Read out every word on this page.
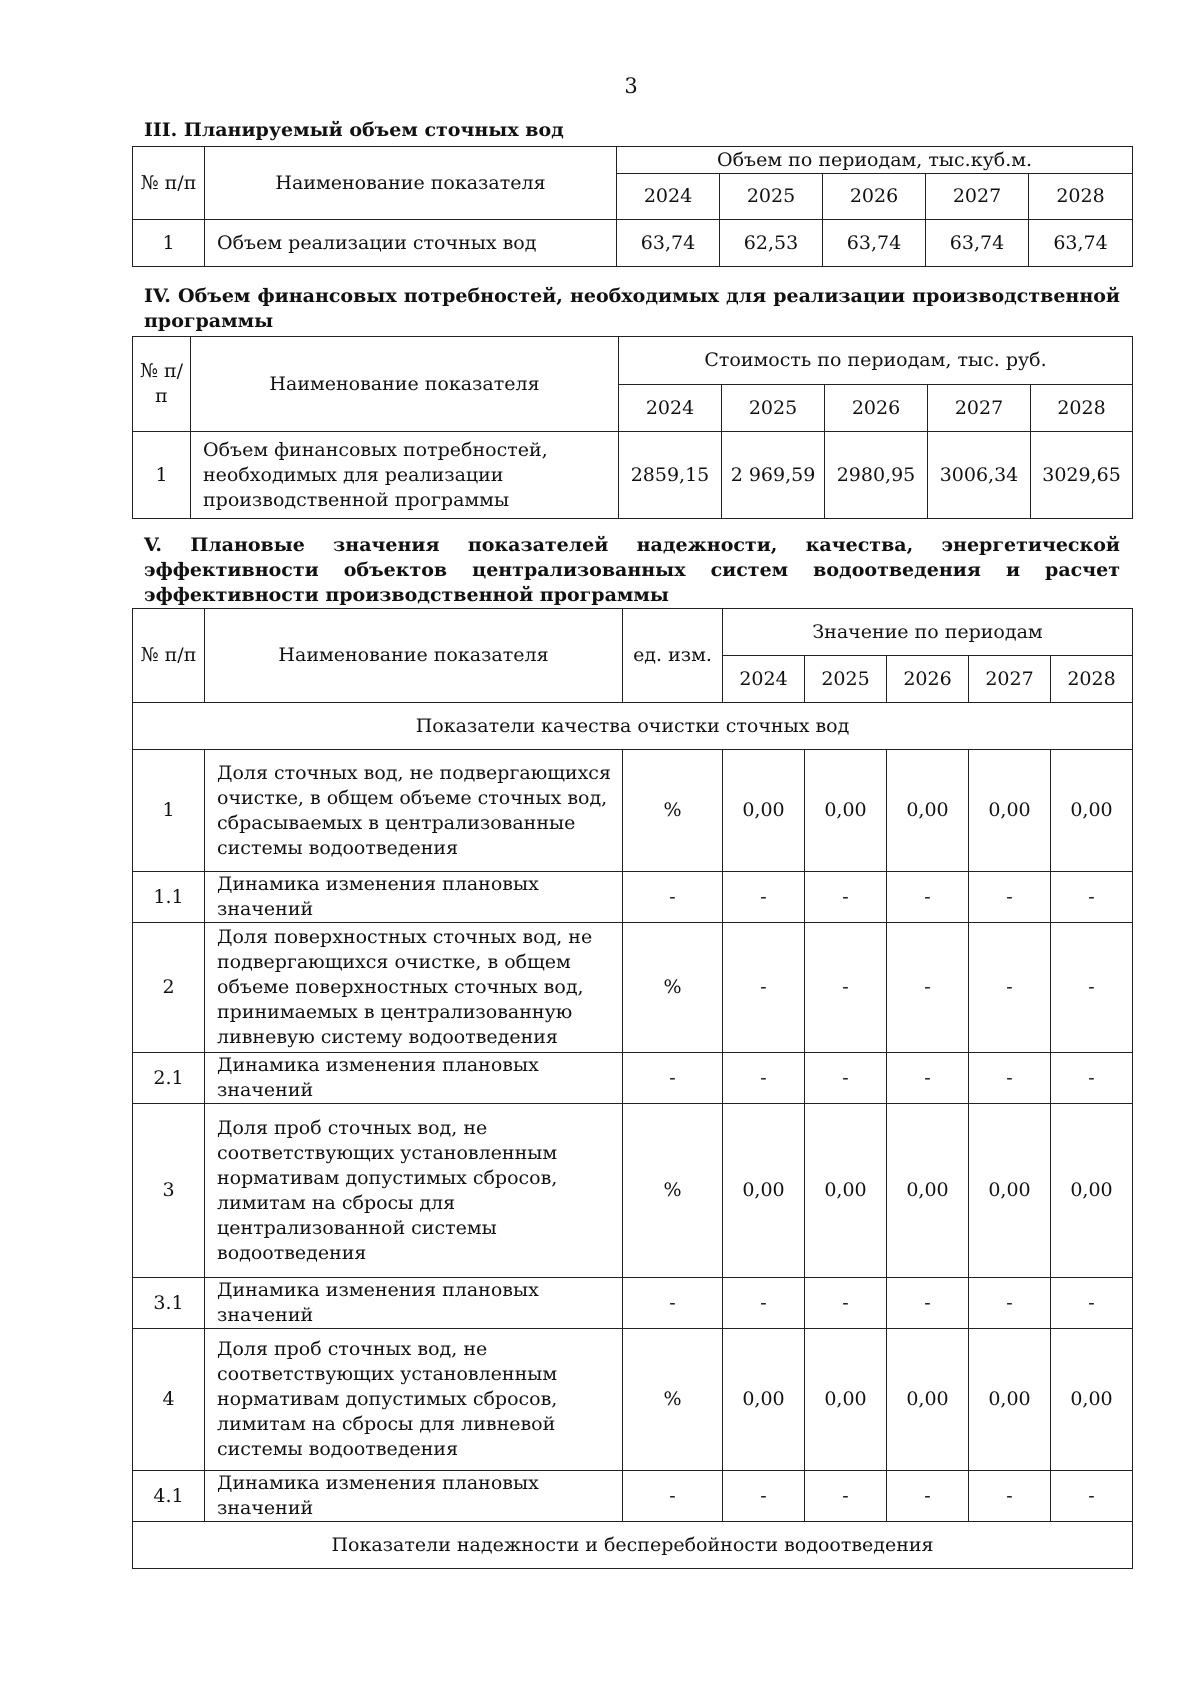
3
III. Планируемый объем сточных вод
№ п/п	Наименование показателя	Объем по периодам, тыс.куб.м.				
		2024	2025	2026	2027	2028
1	Объем реализации сточных вод	63,74	62,53	63,74	63,74	63,74
IV. Объем финансовых потребностей, необходимых для реализации производственной программы
№ п/п	Наименование показателя	Стоимость по периодам, тыс. руб.				
		2024	2025	2026	2027	2028
1	Объем финансовых потребностей, необходимых для реализации производственной программы	2859,15	2 969,59	2980,95	3006,34	3029,65
V. Плановые значения показателей надежности, качества, энергетической эффективности объектов централизованных систем водоотведения и расчет эффективности производственной программы
№ п/п	Наименование показателя	ед. изм.	Значение по периодам				
			2024	2025	2026	2027	2028
Показатели качества очистки сточных вод							
1	Доля сточных вод, не подвергающихся очистке, в общем объеме сточных вод, сбрасываемых в централизованные системы водоотведения	%	0,00	0,00	0,00	0,00	0,00
1.1	Динамика изменения плановых значений	-	-	-	-	-	-
2	Доля поверхностных сточных вод, не подвергающихся очистке, в общем объеме поверхностных сточных вод, принимаемых в централизованную ливневую систему водоотведения	%	-	-	-	-	-
2.1	Динамика изменения плановых значений	-	-	-	-	-	-
3	Доля проб сточных вод, не соответствующих установленным нормативам допустимых сбросов, лимитам на сбросы для централизованной системы водоотведения	%	0,00	0,00	0,00	0,00	0,00
3.1	Динамика изменения плановых значений	-	-	-	-	-	-
4	Доля проб сточных вод, не соответствующих установленным нормативам допустимых сбросов, лимитам на сбросы для ливневой системы водоотведения	%	0,00	0,00	0,00	0,00	0,00
4.1	Динамика изменения плановых значений	-	-	-	-	-	-
Показатели надежности и бесперебойности водоотведения							
